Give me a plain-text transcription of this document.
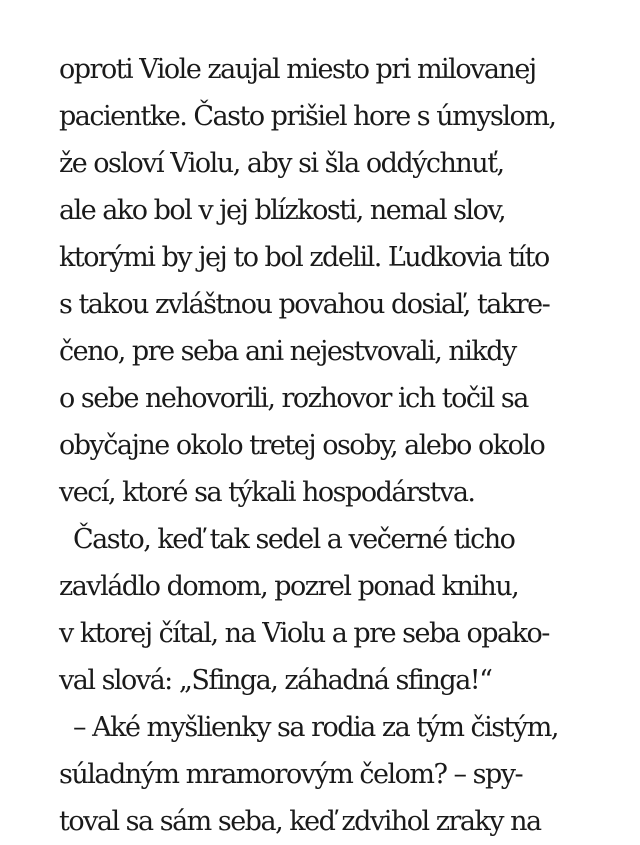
oproti Viole zaujal miesto pri milovanej
pacientke. Často prišiel hore s úmyslom,
že osloví Violu, aby si šla oddýchnuť,
ale ako bol v jej blízkosti, nemal slov,
ktorými by jej to bol zdelil. Ľudkovia títo
s takou zvláštnou povahou dosiaľ, takre-
čeno, pre seba ani nejestvovali, nikdy
o sebe nehovorili, rozhovor ich točil sa
obyčajne okolo tretej osoby, alebo okolo
vecí, ktoré sa týkali hospodárstva.
Často, keď tak sedel a večerné ticho
zavládlo domom, pozrel ponad knihu,
v ktorej čítal, na Violu a pre seba opako-
val slová: „Sfinga, záhadná sfinga!“
– Aké myšlienky sa rodia za tým čistým,
súladným mramorovým čelom? – spy-
toval sa sám seba, keď zdvihol zraky na
